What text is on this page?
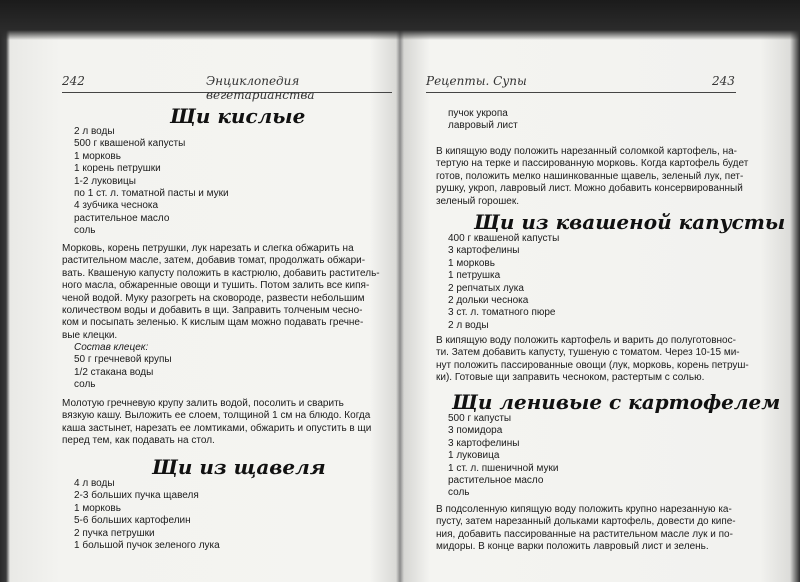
242	Энциклопедия вегетарианства
Щи кислые
2 л воды
500 г квашеной капусты
1 морковь
1 корень петрушки
1-2 луковицы
по 1 ст. л. томатной пасты и муки
4 зубчика чеснока
растительное масло
соль
Морковь, корень петрушки, лук нарезать и слегка обжарить на
растительном масле, затем, добавив томат, продолжать обжари-
вать. Квашеную капусту положить в кастрюлю, добавить раститель-
ного масла, обжаренные овощи и тушить. Потом залить все кипя-
ченой водой. Муку разогреть на сковороде, развести небольшим
количеством воды и добавить в щи. Заправить толченым чесно-
ком и посыпать зеленью. К кислым щам можно подавать гречне-
вые клецки.
Состав клецек:
50 г гречневой крупы
1/2 стакана воды
соль
Молотую гречневую крупу залить водой, посолить и сварить
вязкую кашу. Выложить ее слоем, толщиной 1 см на блюдо. Когда
каша застынет, нарезать ее ломтиками, обжарить и опустить в щи
перед тем, как подавать на стол.
Щи из щавеля
4 л воды
2-3 больших пучка щавеля
1 морковь
5-6 больших картофелин
2 пучка петрушки
1 большой пучок зеленого лука
Рецепты. Супы	243
пучок укропа
лавровый лист
В кипящую воду положить нарезанный соломкой картофель, на-
тертую на терке и пассированную морковь. Когда картофель будет
готов, положить мелко нашинкованные щавель, зеленый лук, пет-
рушку, укроп, лавровый лист. Можно добавить консервированный
зеленый горошек.
Щи из квашеной капусты
400 г квашеной капусты
3 картофелины
1 морковь
1 петрушка
2 репчатых лука
2 дольки чеснока
3 ст. л. томатного пюре
2 л воды
В кипящую воду положить картофель и варить до полуготовнос-
ти. Затем добавить капусту, тушеную с томатом. Через 10-15 ми-
нут положить пассированные овощи (лук, морковь, корень петруш-
ки). Готовые щи заправить чесноком, растертым с солью.
Щи ленивые с картофелем
500 г капусты
3 помидора
3 картофелины
1 луковица
1 ст. л. пшеничной муки
растительное масло
соль
В подсоленную кипящую воду положить крупно нарезанную ка-
пусту, затем нарезанный дольками картофель, довести до кипе-
ния, добавить пассированные на растительном масле лук и по-
мидоры. В конце варки положить лавровый лист и зелень.
